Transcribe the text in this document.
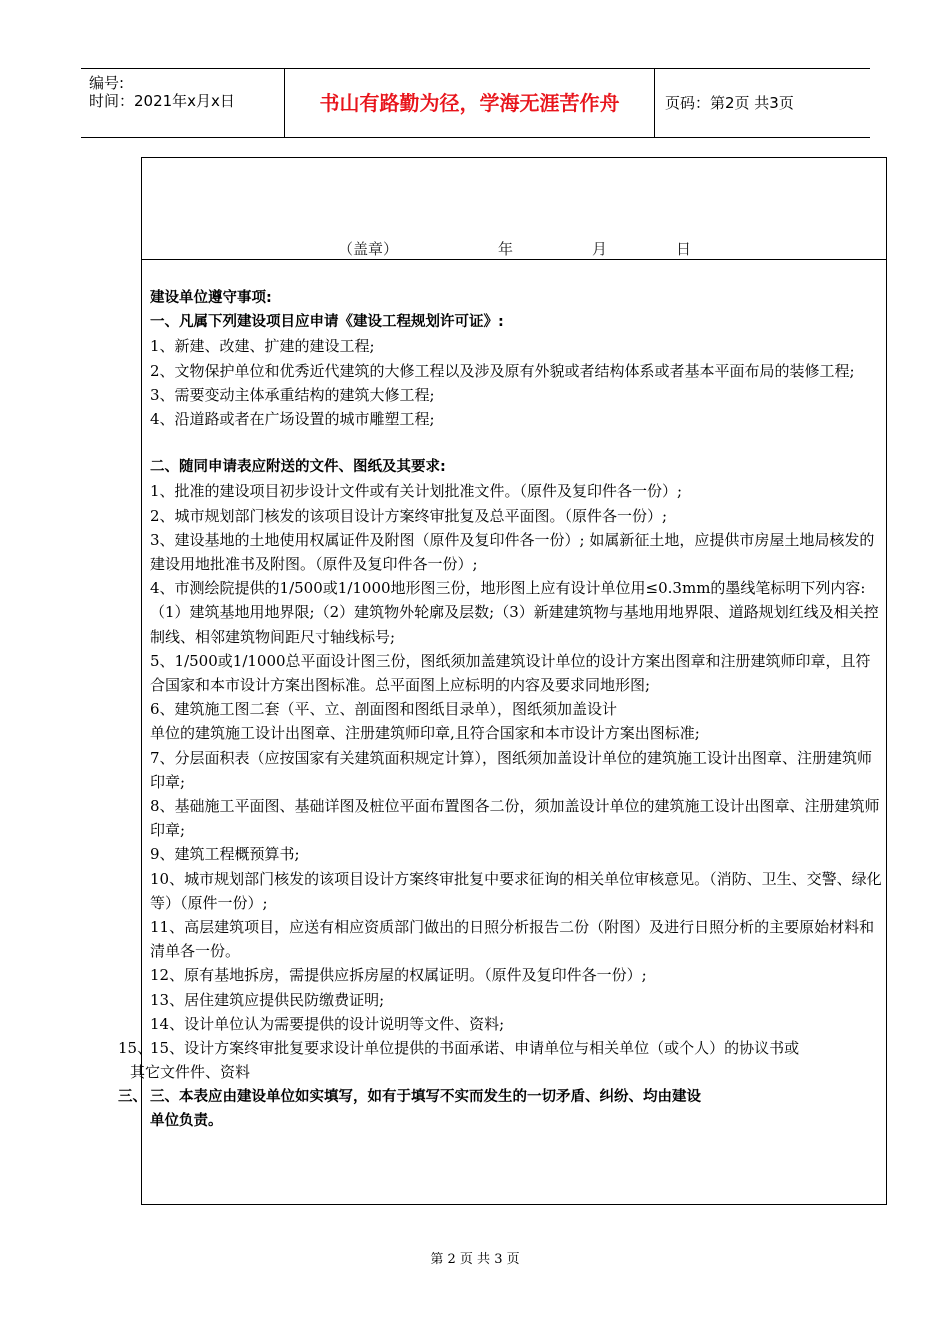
编号:
时间：2021年x月x日	书山有路勤为径，学海无涯苦作舟	页码：第2页 共3页
（盖章）	年	月	日

建设单位遵守事项:

一、凡属下列建设项目应申请《建设工程规划许可证》:

1、新建、改建、扩建的建设工程;

2、文物保护单位和优秀近代建筑的大修工程以及涉及原有外貌或者结构体系或者基本平面布局的装修工程;

3、需要变动主体承重结构的建筑大修工程;

4、沿道路或者在广场设置的城市雕塑工程;

二、随同申请表应附送的文件、图纸及其要求:

1、批准的建设项目初步设计文件或有关计划批准文件。（原件及复印件各一份）;

2、城市规划部门核发的该项目设计方案终审批复及总平面图。（原件各一份）;

3、建设基地的土地使用权属证件及附图（原件及复印件各一份）; 如属新征土地，应提供市房屋土地局核发的建设用地批准书及附图。（原件及复印件各一份）;

4、市测绘院提供的1/500或1/1000地形图三份，地形图上应有设计单位用≤0.3mm的墨线笔标明下列内容:（1）建筑基地用地界限;（2）建筑物外轮廓及层数;（3）新建建筑物与基地用地界限、道路规划红线及相关控制线、相邻建筑物间距尺寸轴线标号;

5、1/500或1/1000总平面设计图三份，图纸须加盖建筑设计单位的设计方案出图章和注册建筑师印章，且符合国家和本市设计方案出图标准。总平面图上应标明的内容及要求同地形图;

6、建筑施工图二套（平、立、剖面图和图纸目录单），图纸须加盖设计

单位的建筑施工设计出图章、注册建筑师印章,且符合国家和本市设计方案出图标准;

7、分层面积表（应按国家有关建筑面积规定计算），图纸须加盖设计单位的建筑施工设计出图章、注册建筑师印章;

8、基础施工平面图、基础详图及桩位平面布置图各二份，须加盖设计单位的建筑施工设计出图章、注册建筑师印章;

9、建筑工程概预算书;

10、城市规划部门核发的该项目设计方案终审批复中要求征询的相关单位审核意见。（消防、卫生、交警、绿化等）（原件一份）;

11、高层建筑项目，应送有相应资质部门做出的日照分析报告二份（附图）及进行日照分析的主要原始材料和清单各一份。

12、原有基地拆房，需提供应拆房屋的权属证明。（原件及复印件各一份）;

13、居住建筑应提供民防缴费证明;

14、设计单位认为需要提供的设计说明等文件、资料;

15、
15、设计方案终审批复要求设计单位提供的书面承诺、申请单位与相关单位（或个人）的协议书或

其它文件件、资料

三、 三、本表应由建设单位如实填写，如有于填写不实而发生的一切矛盾、纠纷、均由建设

单位负责。

第 2 页 共 3 页
